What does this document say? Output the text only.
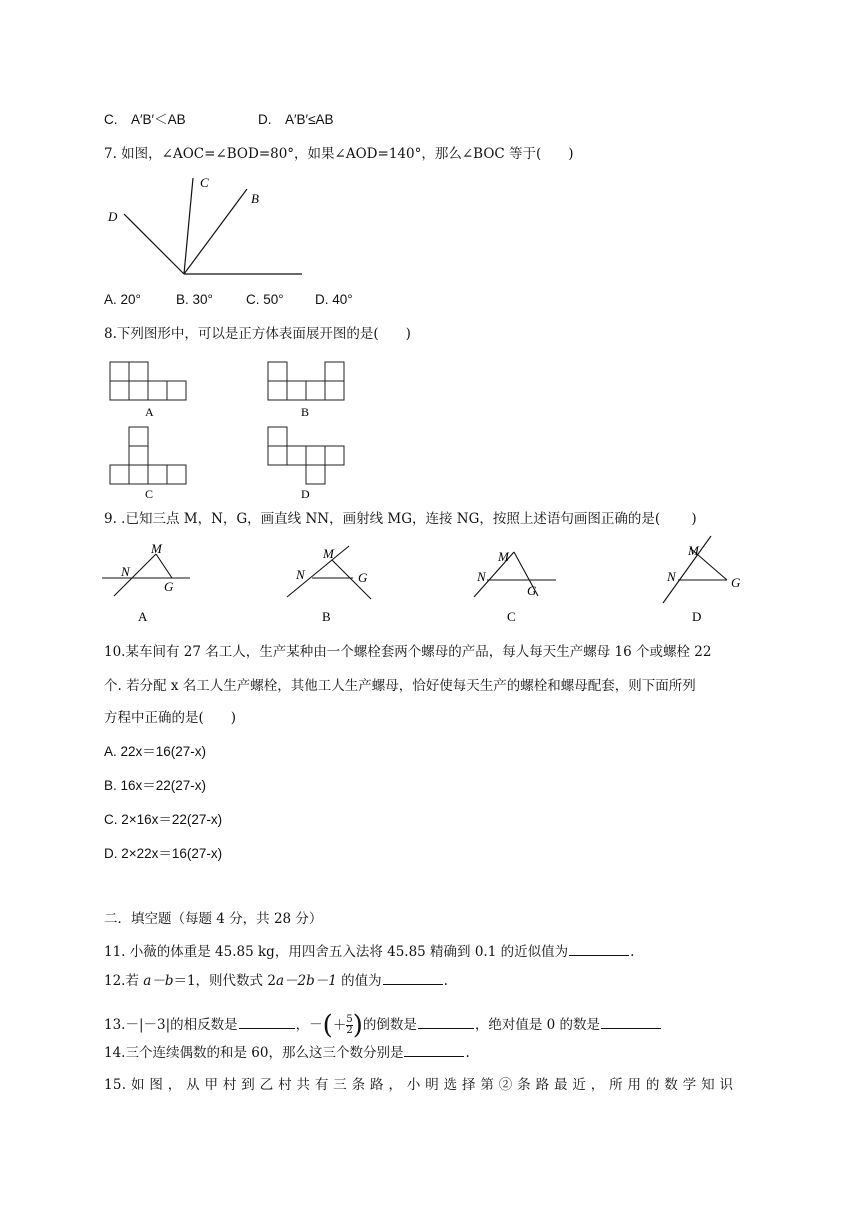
C.　A′B′＜AB	D.　A′B′≤AB
7. 如图，∠AOC=∠BOD=80°，如果∠AOD=140°，那么∠BOC 等于(　　)
C
B
D
A. 20°	B. 30° C. 50° D. 40°
8.下列图形中，可以是正方体表面展开图的是(　　)
A	B
C	D
9. .已知三点 M，N，G，画直线 NN，画射线 MG，连接 NG，按照上述语句画图正确的是(　　 )
M
N
G
M
N	G
M
N
G
M
N	G
A	B	C	D
10.某车间有 27 名工人，生产某种由一个螺栓套两个螺母的产品，每人每天生产螺母 16 个或螺栓 22
个. 若分配 x 名工人生产螺栓，其他工人生产螺母，恰好使每天生产的螺栓和螺母配套，则下面所列
方程中正确的是(　　)
A. 22x＝16(27-x)
B. 16x＝22(27-x)
C. 2×16x＝22(27-x)
D. 2×22x＝16(27-x)
二．填空题（每题 4 分，共 28 分）
11. 小薇的体重是 45.85 kg，用四舍五入法将 45.85 精确到 0.1 的近似值为	.
12.若 a－b＝1，则代数式 2a－2b－1 的值为	.
13.－|－3|的相反数是	，－(＋ $\frac{5}{2}$ )的倒数是	，绝对值是 0 的数是
14.三个连续偶数的和是 60，那么这三个数分别是	.
15. 如 图 ， 从 甲 村 到 乙 村 共 有 三 条 路 ， 小 明 选 择 第 ② 条 路 最 近 ， 所 用 的 数 学 知 识
